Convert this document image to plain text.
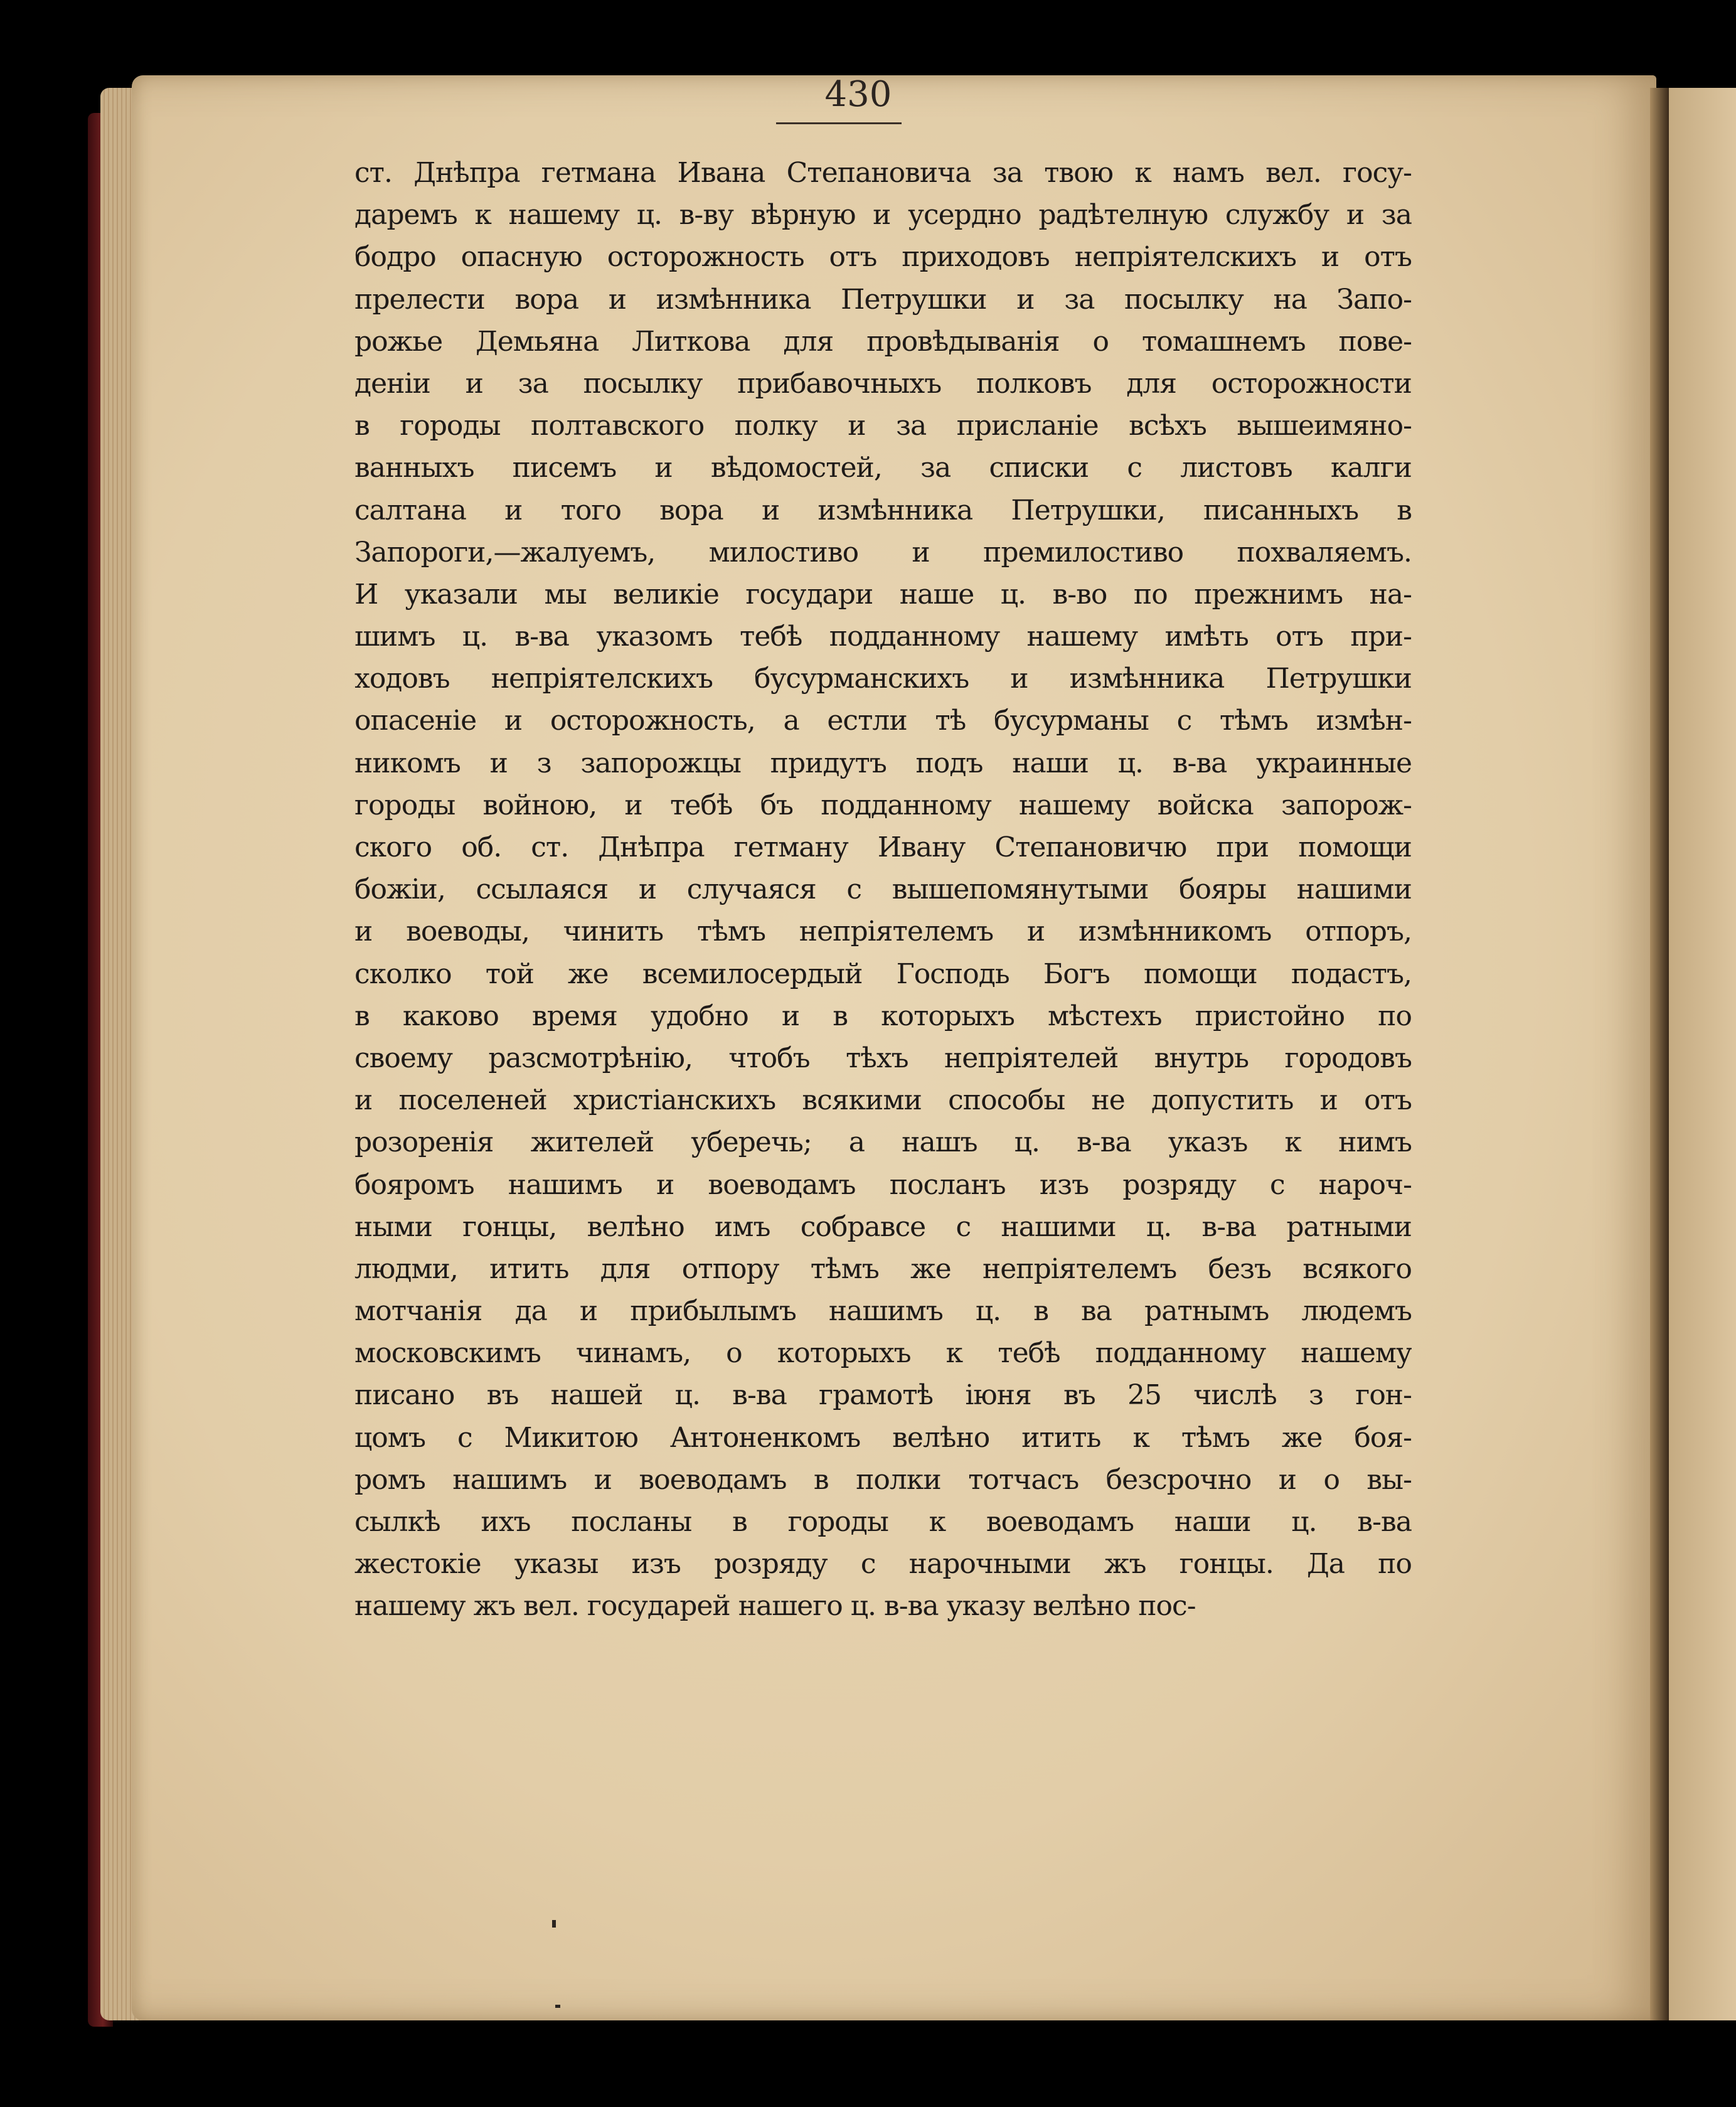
430
ст. Днѣпра гетмана Ивана Степановича за твою к намъ вел. госу-
даремъ к нашему ц. в-ву вѣрную и усердно радѣтелную службу и за
бодро опасную осторожность отъ приходовъ непрiятелскихъ и отъ
прелести вора и измѣнника Петрушки и за посылку на Запо-
рожье Демьяна Литкова для провѣдыванiя о томашнемъ пове-
денiи и за посылку прибавочныхъ полковъ для осторожности
в городы полтавского полку и за присланiе всѣхъ вышеимяно-
ванныхъ писемъ и вѣдомостей, за списки с листовъ калги
салтана и того вора и измѣнника Петрушки, писанныхъ в
Запороги,—жалуемъ, милостиво и премилостиво похваляемъ.
И указали мы великiе государи наше ц. в-во по прежнимъ на-
шимъ ц. в-ва указомъ тебѣ подданному нашему имѣть отъ при-
ходовъ непрiятелскихъ бусурманскихъ и измѣнника Петрушки
опасенiе и осторожность, а естли тѣ бусурманы с тѣмъ измѣн-
никомъ и з запорожцы придутъ подъ наши ц. в-ва украинные
городы войною, и тебѣ бъ подданному нашему войска запорож-
ского об. ст. Днѣпра гетману Ивану Степановичю при помощи
божiи, ссылаяся и случаяся с вышепомянутыми бояры нашими
и воеводы, чинить тѣмъ непрiятелемъ и измѣнникомъ отпоръ,
сколко той же всемилосердый Господь Богъ помощи подастъ,
в каково время удобно и в которыхъ мѣстехъ пристойно по
своему разсмотрѣнiю, чтобъ тѣхъ непрiятелей внутрь городовъ
и поселеней христiанскихъ всякими способы не допустить и отъ
розоренiя жителей уберечь; а нашъ ц. в-ва указъ к нимъ
бояромъ нашимъ и воеводамъ посланъ изъ розряду с нароч-
ными гонцы, велѣно имъ собравсе с нашими ц. в-ва ратными
людми, итить для отпору тѣмъ же непрiятелемъ безъ всякого
мотчанiя да и прибылымъ нашимъ ц. в ва ратнымъ людемъ
московскимъ чинамъ, о которыхъ к тебѣ подданному нашему
писано въ нашей ц. в-ва грамотѣ iюня въ 25 числѣ з гон-
цомъ с Микитою Антоненкомъ велѣно итить к тѣмъ же боя-
ромъ нашимъ и воеводамъ в полки тотчасъ безсрочно и о вы-
сылкѣ ихъ посланы в городы к воеводамъ наши ц. в-ва
жестокiе указы изъ розряду с нарочными жъ гонцы. Да по
нашему жъ вел. государей нашего ц. в-ва указу велѣно пос-
